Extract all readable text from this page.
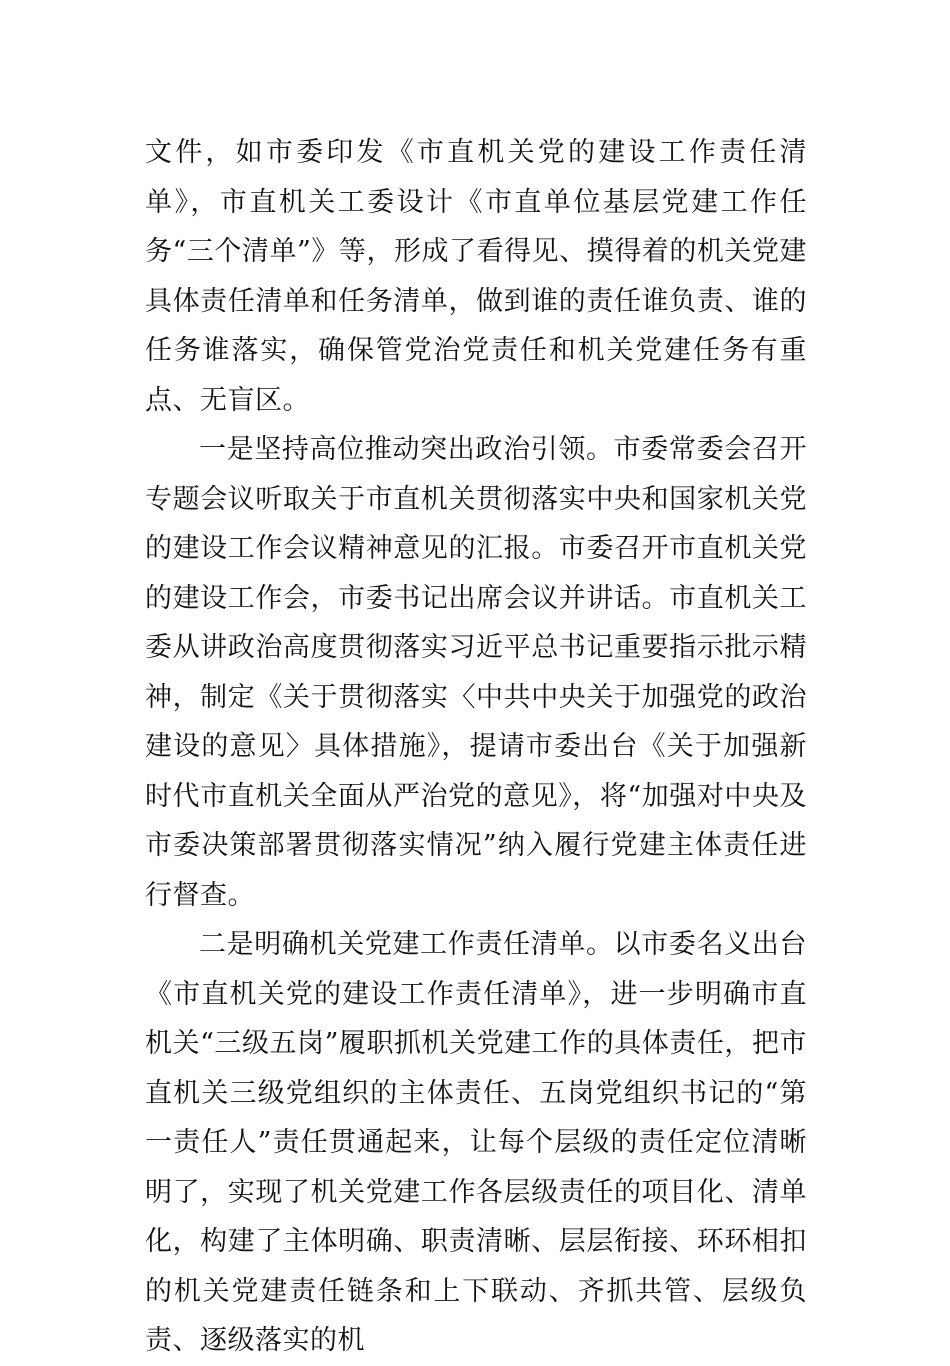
文件，如市委印发《市直机关党的建设工作责任清单》，市直机关工委设计《市直单位基层党建工作任务“三个清单”》等，形成了看得见、摸得着的机关党建具体责任清单和任务清单，做到谁的责任谁负责、谁的任务谁落实，确保管党治党责任和机关党建任务有重点、无盲区。

一是坚持高位推动突出政治引领。市委常委会召开专题会议听取关于市直机关贯彻落实中央和国家机关党的建设工作会议精神意见的汇报。市委召开市直机关党的建设工作会，市委书记出席会议并讲话。市直机关工委从讲政治高度贯彻落实习近平总书记重要指示批示精神，制定《关于贯彻落实〈中共中央关于加强党的政治建设的意见〉具体措施》，提请市委出台《关于加强新时代市直机关全面从严治党的意见》，将“加强对中央及市委决策部署贯彻落实情况”纳入履行党建主体责任进行督查。

二是明确机关党建工作责任清单。以市委名义出台《市直机关党的建设工作责任清单》，进一步明确市直机关“三级五岗”履职抓机关党建工作的具体责任，把市直机关三级党组织的主体责任、五岗党组织书记的“第一责任人”责任贯通起来，让每个层级的责任定位清晰明了，实现了机关党建工作各层级责任的项目化、清单化，构建了主体明确、职责清晰、层层衔接、环环相扣的机关党建责任链条和上下联动、齐抓共管、层级负责、逐级落实的机
